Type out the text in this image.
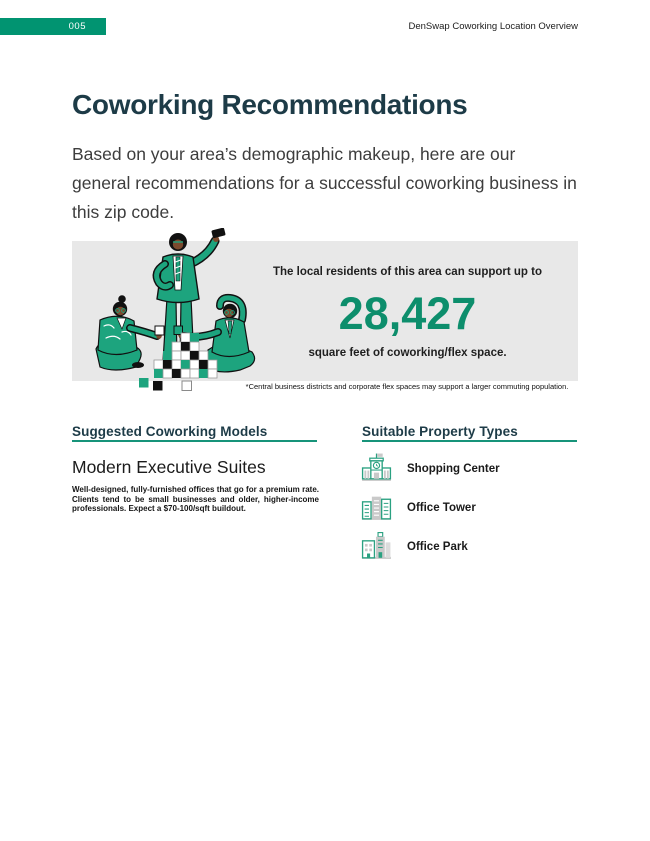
005	DenSwap Coworking Location Overview
Coworking Recommendations
Based on your area’s demographic makeup, here are our general recommendations for a successful coworking business in this zip code.
The local residents of this area can support up to
28,427
square feet of coworking/flex space.
*Central business districts and corporate flex spaces may support a larger commuting population.
Suggested Coworking Models
Modern Executive Suites
Well-designed, fully-furnished offices that go for a premium rate. Clients tend to be small businesses and older, higher-income professionals. Expect a $70-100/sqft buildout.
Suitable Property Types
Shopping Center
Office Tower
Office Park
